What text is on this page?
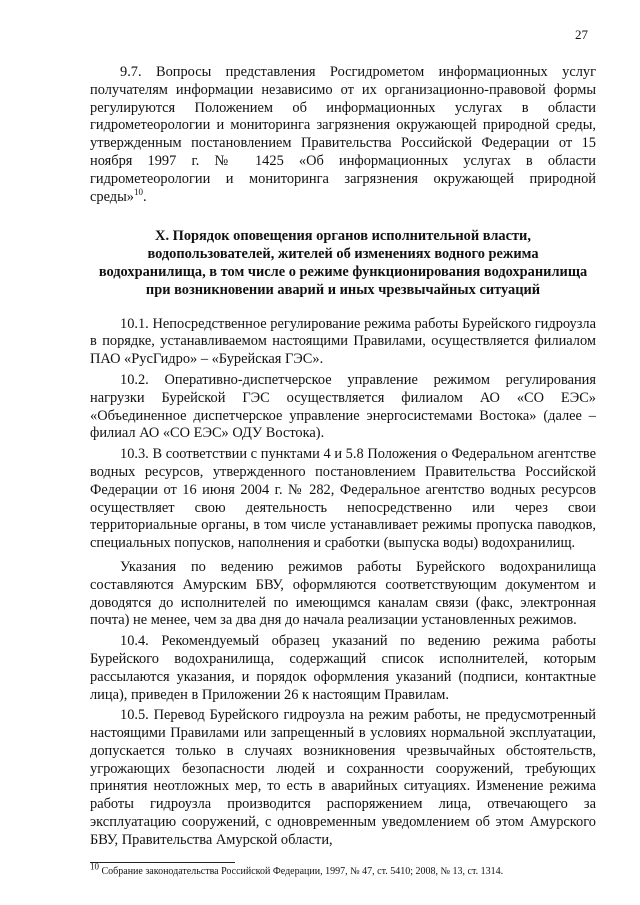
27

9.7. Вопросы представления Росгидрометом информационных услуг получателям информации независимо от их организационно-правовой формы регулируются Положением об информационных услугах в области гидрометеорологии и мониторинга загрязнения окружающей природной среды, утвержденным постановлением Правительства Российской Федерации от 15 ноября 1997 г. № 1425 «Об информационных услугах в области гидрометеорологии и мониторинга загрязнения окружающей природной среды»$^{10}$.

X. Порядок оповещения органов исполнительной власти,
водопользователей, жителей об изменениях водного режима
водохранилища, в том числе о режиме функционирования водохранилища
при возникновении аварий и иных чрезвычайных ситуаций

10.1. Непосредственное регулирование режима работы Бурейского гидроузла в порядке, устанавливаемом настоящими Правилами, осуществляется филиалом ПАО «РусГидро» – «Бурейская ГЭС».

10.2. Оперативно-диспетчерское управление режимом регулирования нагрузки Бурейской ГЭС осуществляется филиалом АО «СО ЕЭС» «Объединенное диспетчерское управление энергосистемами Востока» (далее – филиал АО «СО ЕЭС» ОДУ Востока).

10.3. В соответствии с пунктами 4 и 5.8 Положения о Федеральном агентстве водных ресурсов, утвержденного постановлением Правительства Российской Федерации от 16 июня 2004 г. № 282, Федеральное агентство водных ресурсов осуществляет свою деятельность непосредственно или через свои территориальные органы, в том числе устанавливает режимы пропуска паводков, специальных попусков, наполнения и сработки (выпуска воды) водохранилищ.

Указания по ведению режимов работы Бурейского водохранилища составляются Амурским БВУ, оформляются соответствующим документом и доводятся до исполнителей по имеющимся каналам связи (факс, электронная почта) не менее, чем за два дня до начала реализации установленных режимов.

10.4. Рекомендуемый образец указаний по ведению режима работы Бурейского водохранилища, содержащий список исполнителей, которым рассылаются указания, и порядок оформления указаний (подписи, контактные лица), приведен в Приложении 26 к настоящим Правилам.

10.5. Перевод Бурейского гидроузла на режим работы, не предусмотренный настоящими Правилами или запрещенный в условиях нормальной эксплуатации, допускается только в случаях возникновения чрезвычайных обстоятельств, угрожающих безопасности людей и сохранности сооружений, требующих принятия неотложных мер, то есть в аварийных ситуациях. Изменение режима работы гидроузла производится распоряжением лица, отвечающего за эксплуатацию сооружений, с одновременным уведомлением об этом Амурского БВУ, Правительства Амурской области,

$^{10}$ Собрание законодательства Российской Федерации, 1997, № 47, ст. 5410; 2008, № 13, ст. 1314.
